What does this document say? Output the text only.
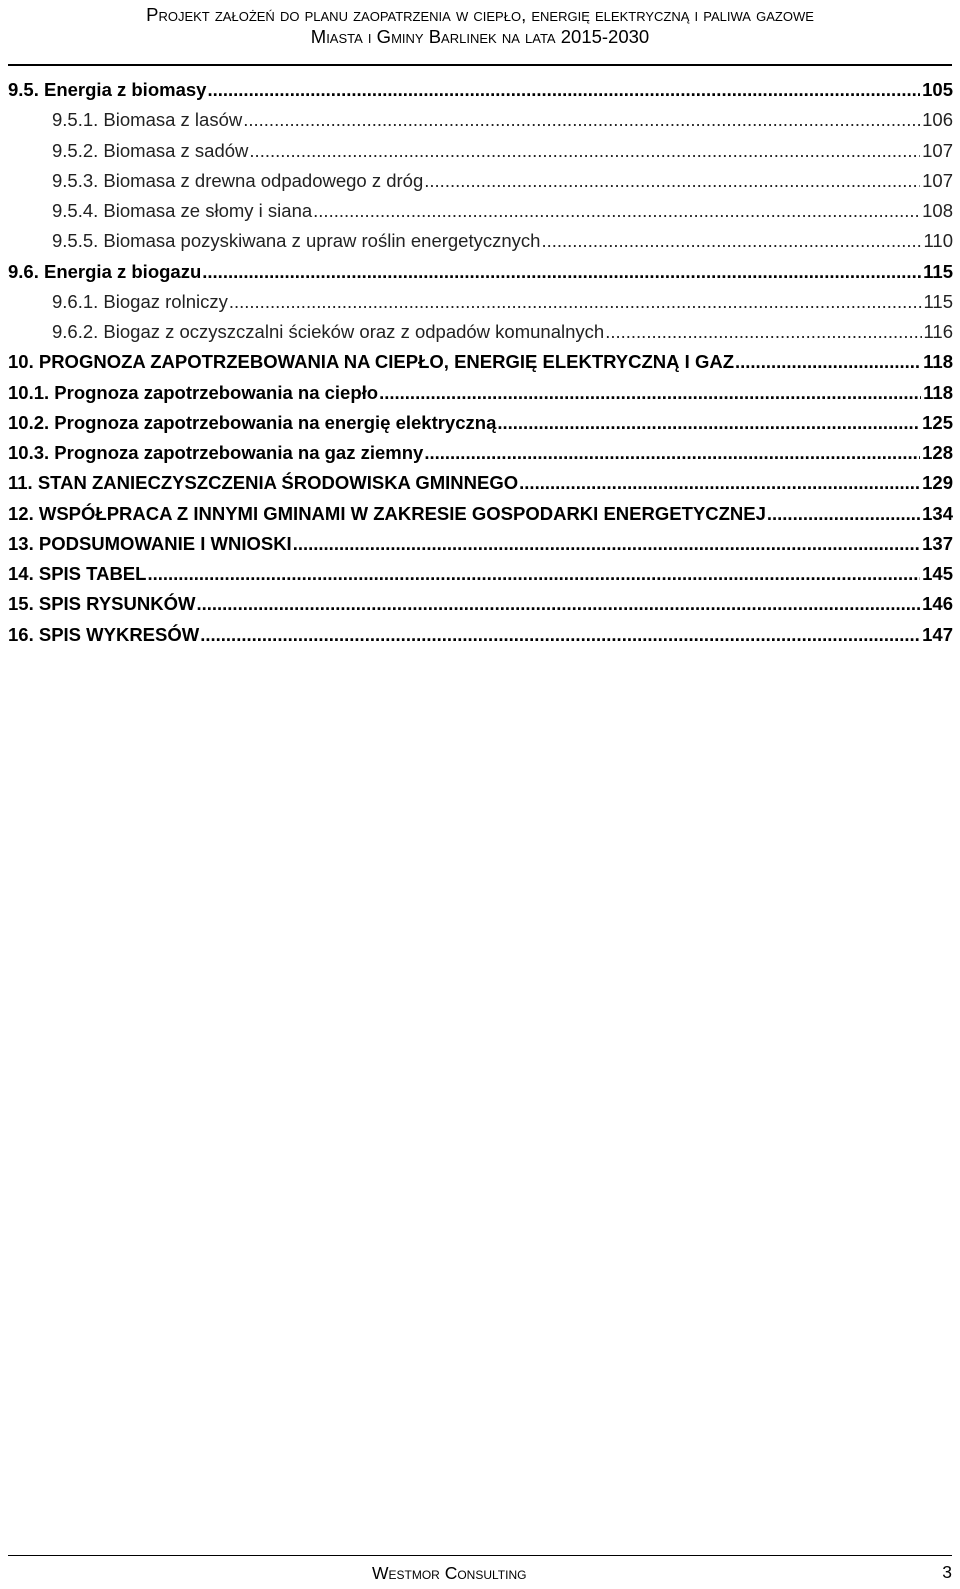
Projekt założeń do planu zaopatrzenia w ciepło, energię elektryczną i paliwa gazowe
Miasta i Gminy Barlinek na lata 2015-2030
9.5. Energia z biomasy .....	105
9.5.1. Biomasa z lasów .....	106
9.5.2. Biomasa z sadów .....	107
9.5.3. Biomasa z drewna odpadowego z dróg .....	107
9.5.4. Biomasa ze słomy i siana .....	108
9.5.5. Biomasa pozyskiwana z upraw roślin energetycznych .....	110
9.6. Energia z biogazu .....	115
9.6.1. Biogaz rolniczy .....	115
9.6.2. Biogaz z oczyszczalni ścieków oraz z odpadów komunalnych .....	116
10. PROGNOZA ZAPOTRZEBOWANIA NA CIEPŁO, ENERGIĘ ELEKTRYCZNĄ I GAZ .....	118
10.1. Prognoza zapotrzebowania na ciepło .....	118
10.2. Prognoza zapotrzebowania na energię elektryczną .....	125
10.3. Prognoza zapotrzebowania na gaz ziemny .....	128
11. STAN ZANIECZYSZCZENIA ŚRODOWISKA GMINNEGO .....	129
12. WSPÓŁPRACA Z INNYMI GMINAMI W ZAKRESIE GOSPODARKI ENERGETYCZNEJ .....	134
13. PODSUMOWANIE I WNIOSKI .....	137
14. SPIS TABEL .....	145
15. SPIS RYSUNKÓW .....	146
16. SPIS WYKRESÓW .....	147
Westmor Consulting	3
